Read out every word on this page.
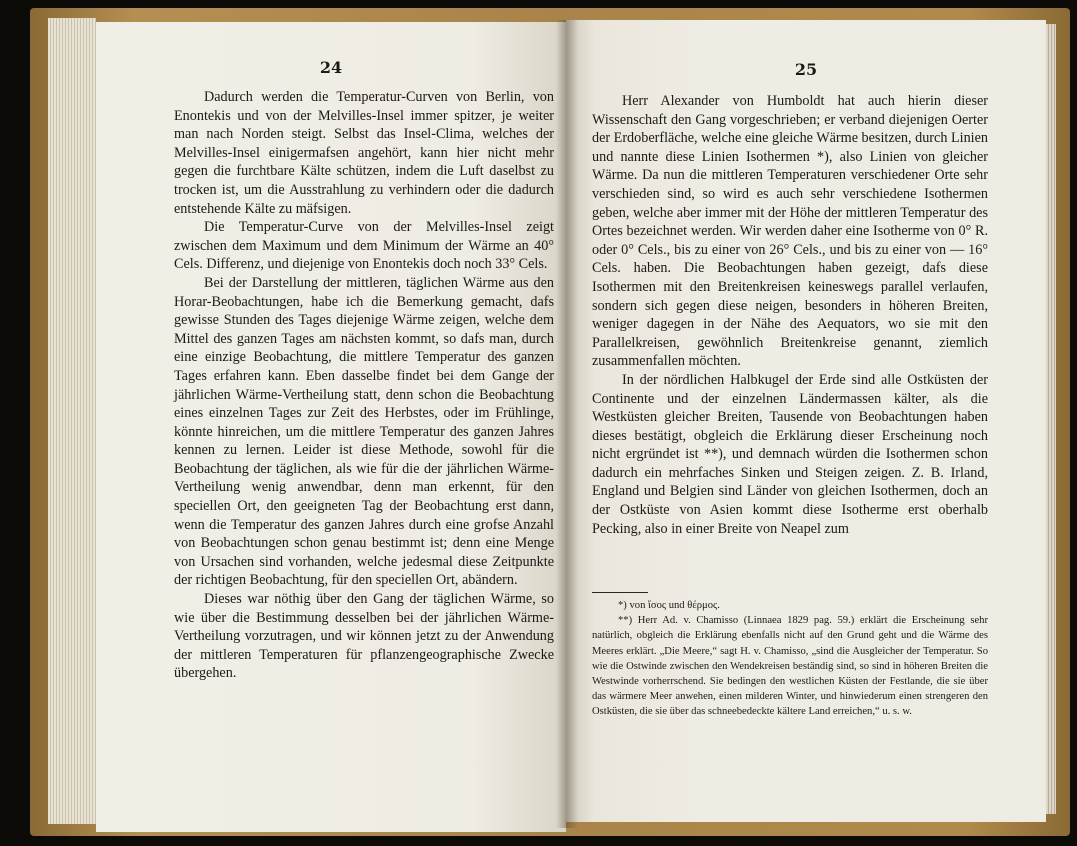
24

Dadurch werden die Temperatur-Curven von Berlin, von Enontekis und von der Melvilles-Insel immer spitzer, je weiter man nach Norden steigt. Selbst das Insel-Clima, welches der Melvilles-Insel einigermafsen angehört, kann hier nicht mehr gegen die furchtbare Kälte schützen, indem die Luft daselbst zu trocken ist, um die Ausstrahlung zu verhindern oder die dadurch entstehende Kälte zu mäfsigen.

Die Temperatur-Curve von der Melvilles-Insel zeigt zwischen dem Maximum und dem Minimum der Wärme an 40° Cels. Differenz, und diejenige von Enontekis doch noch 33° Cels.

Bei der Darstellung der mittleren, täglichen Wärme aus den Horar-Beobachtungen, habe ich die Bemerkung gemacht, dafs gewisse Stunden des Tages diejenige Wärme zeigen, welche dem Mittel des ganzen Tages am nächsten kommt, so dafs man, durch eine einzige Beobachtung, die mittlere Temperatur des ganzen Tages erfahren kann. Eben dasselbe findet bei dem Gange der jährlichen Wärme-Vertheilung statt, denn schon die Beobachtung eines einzelnen Tages zur Zeit des Herbstes, oder im Frühlinge, könnte hinreichen, um die mittlere Temperatur des ganzen Jahres kennen zu lernen. Leider ist diese Methode, sowohl für die Beobachtung der täglichen, als wie für die der jährlichen Wärme-Vertheilung wenig anwendbar, denn man erkennt, für den speciellen Ort, den geeigneten Tag der Beobachtung erst dann, wenn die Temperatur des ganzen Jahres durch eine grofse Anzahl von Beobachtungen schon genau bestimmt ist; denn eine Menge von Ursachen sind vorhanden, welche jedesmal diese Zeitpunkte der richtigen Beobachtung, für den speciellen Ort, abändern.

Dieses war nöthig über den Gang der täglichen Wärme, so wie über die Bestimmung desselben bei der jährlichen Wärme-Vertheilung vorzutragen, und wir können jetzt zu der Anwendung der mittleren Temperaturen für pflanzengeographische Zwecke übergehen.

25

Herr Alexander von Humboldt hat auch hierin dieser Wissenschaft den Gang vorgeschrieben; er verband diejenigen Oerter der Erdoberfläche, welche eine gleiche Wärme besitzen, durch Linien und nannte diese Linien Isothermen *), also Linien von gleicher Wärme. Da nun die mittleren Temperaturen verschiedener Orte sehr verschieden sind, so wird es auch sehr verschiedene Isothermen geben, welche aber immer mit der Höhe der mittleren Temperatur des Ortes bezeichnet werden. Wir werden daher eine Isotherme von 0° R. oder 0° Cels., bis zu einer von 26° Cels., und bis zu einer von — 16° Cels. haben. Die Beobachtungen haben gezeigt, dafs diese Isothermen mit den Breitenkreisen keineswegs parallel verlaufen, sondern sich gegen diese neigen, besonders in höheren Breiten, weniger dagegen in der Nähe des Aequators, wo sie mit den Parallelkreisen, gewöhnlich Breitenkreise genannt, ziemlich zusammenfallen möchten.

In der nördlichen Halbkugel der Erde sind alle Ostküsten der Continente und der einzelnen Ländermassen kälter, als die Westküsten gleicher Breiten, Tausende von Beobachtungen haben dieses bestätigt, obgleich die Erklärung dieser Erscheinung noch nicht ergründet ist **), und demnach würden die Isothermen schon dadurch ein mehrfaches Sinken und Steigen zeigen. Z. B. Irland, England und Belgien sind Länder von gleichen Isothermen, doch an der Ostküste von Asien kommt diese Isotherme erst oberhalb Pecking, also in einer Breite von Neapel zum

*) von ἴσος und θέρμος.

**) Herr Ad. v. Chamisso (Linnaea 1829 pag. 59.) erklärt die Erscheinung sehr natürlich, obgleich die Erklärung ebenfalls nicht auf den Grund geht und die Wärme des Meeres erklärt. „Die Meere,“ sagt H. v. Chamisso, „sind die Ausgleicher der Temperatur. So wie die Ostwinde zwischen den Wendekreisen beständig sind, so sind in höheren Breiten die Westwinde vorherrschend. Sie bedingen den westlichen Küsten der Festlande, die sie über das wärmere Meer anwehen, einen milderen Winter, und hinwiederum einen strengeren den Ostküsten, die sie über das schneebedeckte kältere Land erreichen,“ u. s. w.
